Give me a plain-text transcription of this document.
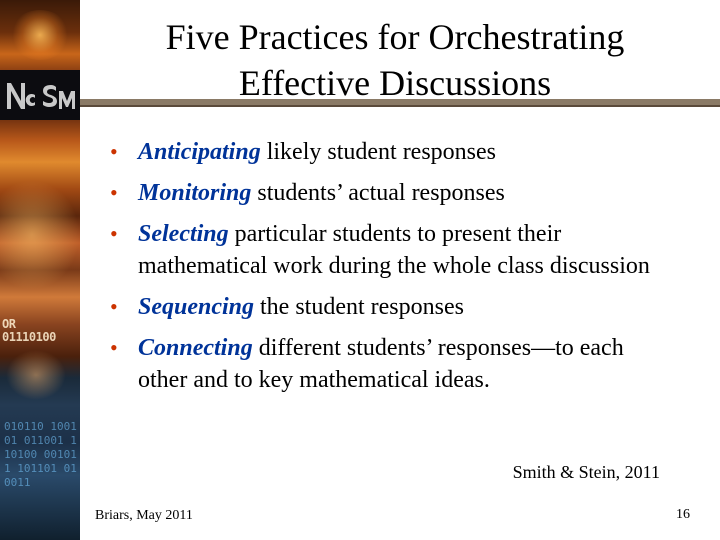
OR
01110100
010110 100101 011001 110100 001011 101101 010011
Five Practices for Orchestrating
Effective Discussions
• Anticipating likely student responses
• Monitoring students’ actual responses
• Selecting particular students to present their mathematical work during the whole class discussion
• Sequencing the student responses
• Connecting different students’ responses—to each other and to key mathematical ideas.
Smith & Stein, 2011
Briars, May 2011	16
